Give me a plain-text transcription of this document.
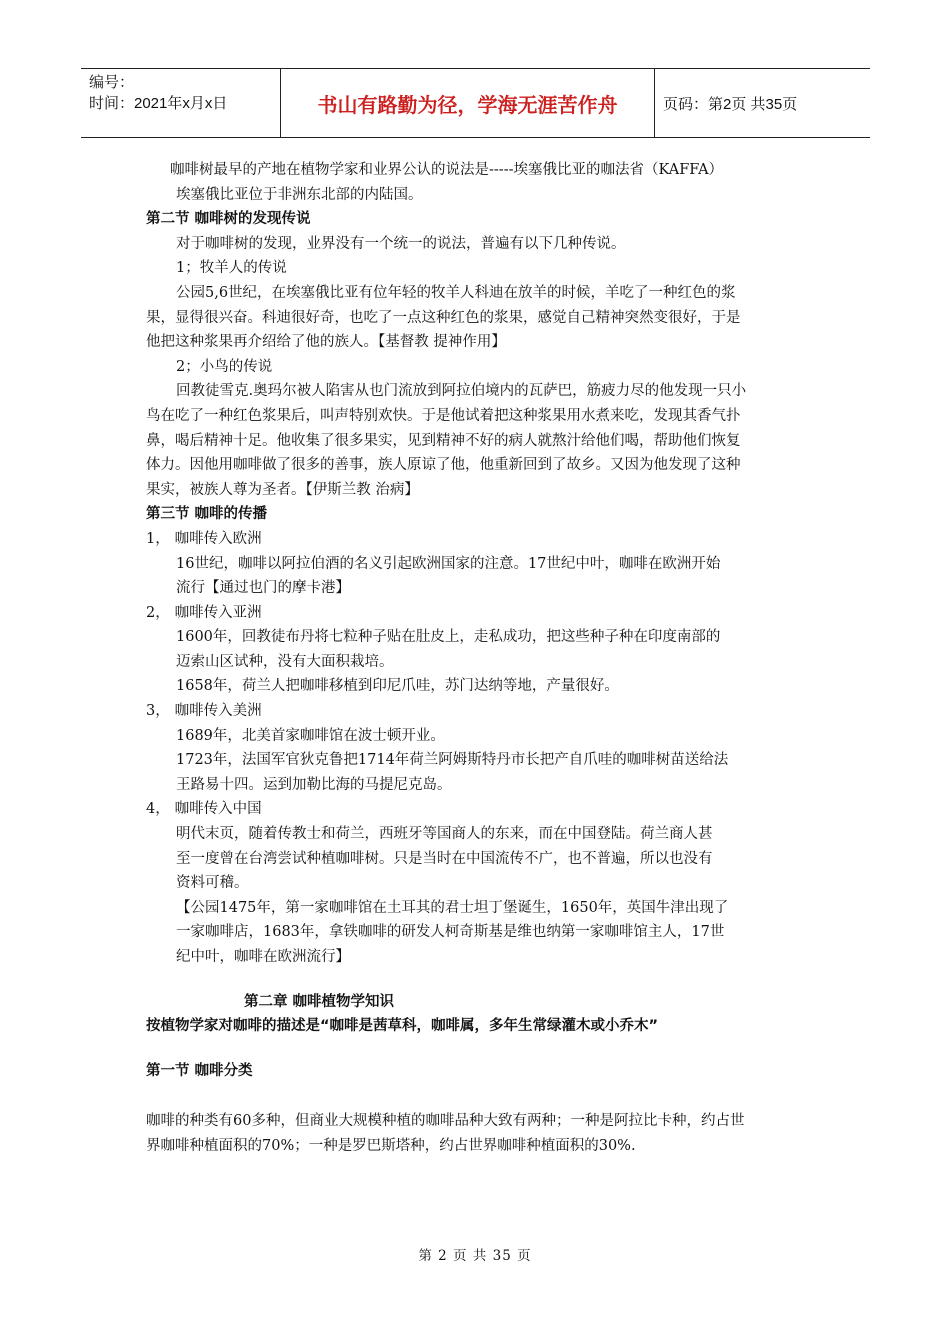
编号：
时间：2021年x月x日	书山有路勤为径，学海无涯苦作舟	页码：第2页 共35页
咖啡树最早的产地在植物学家和业界公认的说法是-----埃塞俄比亚的咖法省（KAFFA）
埃塞俄比亚位于非洲东北部的内陆国。
第二节 咖啡树的发现传说
对于咖啡树的发现，业界没有一个统一的说法，普遍有以下几种传说。
1；牧羊人的传说
公园5,6世纪，在埃塞俄比亚有位年轻的牧羊人科迪在放羊的时候，羊吃了一种红色的浆
果，显得很兴奋。科迪很好奇，也吃了一点这种红色的浆果，感觉自己精神突然变很好，于是
他把这种浆果再介绍给了他的族人。【基督教 提神作用】
2；小鸟的传说
回教徒雪克.奥玛尔被人陷害从也门流放到阿拉伯境内的瓦萨巴，筋疲力尽的他发现一只小
鸟在吃了一种红色浆果后，叫声特别欢快。于是他试着把这种浆果用水煮来吃，发现其香气扑
鼻，喝后精神十足。他收集了很多果实，见到精神不好的病人就熬汁给他们喝，帮助他们恢复
体力。因他用咖啡做了很多的善事，族人原谅了他，他重新回到了故乡。又因为他发现了这种
果实，被族人尊为圣者。【伊斯兰教 治病】
第三节 咖啡的传播
1， 咖啡传入欧洲
16世纪，咖啡以阿拉伯酒的名义引起欧洲国家的注意。17世纪中叶，咖啡在欧洲开始
流行【通过也门的摩卡港】
2， 咖啡传入亚洲
1600年，回教徒布丹将七粒种子贴在肚皮上，走私成功，把这些种子种在印度南部的
迈索山区试种，没有大面积栽培。
1658年，荷兰人把咖啡移植到印尼爪哇，苏门达纳等地，产量很好。
3， 咖啡传入美洲
1689年，北美首家咖啡馆在波士顿开业。
1723年，法国军官狄克鲁把1714年荷兰阿姆斯特丹市长把产自爪哇的咖啡树苗送给法
王路易十四。运到加勒比海的马提尼克岛。
4， 咖啡传入中国
明代末页，随着传教士和荷兰，西班牙等国商人的东来，而在中国登陆。荷兰商人甚
至一度曾在台湾尝试种植咖啡树。只是当时在中国流传不广，也不普遍，所以也没有
资料可稽。
【公园1475年，第一家咖啡馆在土耳其的君士坦丁堡诞生，1650年，英国牛津出现了
一家咖啡店，1683年，拿铁咖啡的研发人柯奇斯基是维也纳第一家咖啡馆主人，17世
纪中叶，咖啡在欧洲流行】
第二章 咖啡植物学知识
按植物学家对咖啡的描述是“咖啡是茜草科，咖啡属，多年生常绿灌木或小乔木”
第一节 咖啡分类
咖啡的种类有60多种，但商业大规模种植的咖啡品种大致有两种；一种是阿拉比卡种，约占世
界咖啡种植面积的70%；一种是罗巴斯塔种，约占世界咖啡种植面积的30%.
第 2 页 共 35 页
